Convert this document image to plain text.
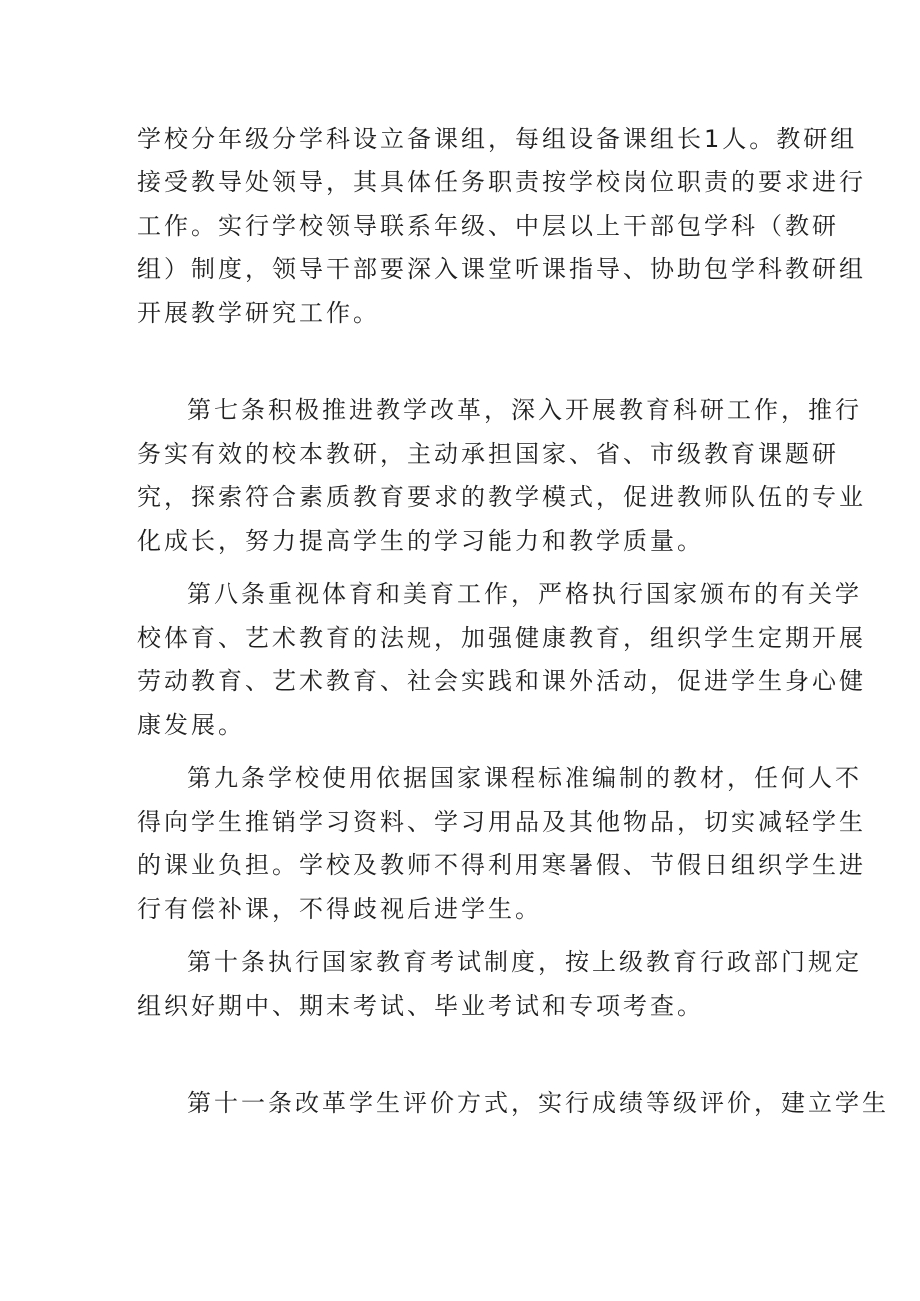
学校分年级分学科设立备课组，每组设备课组长1人。教研组

接受教导处领导，其具体任务职责按学校岗位职责的要求进行

工作。实行学校领导联系年级、中层以上干部包学科（教研

组）制度，领导干部要深入课堂听课指导、协助包学科教研组

开展教学研究工作。

第七条积极推进教学改革，深入开展教育科研工作，推行

务实有效的校本教研，主动承担国家、省、市级教育课题研

究，探索符合素质教育要求的教学模式，促进教师队伍的专业

化成长，努力提高学生的学习能力和教学质量。

第八条重视体育和美育工作，严格执行国家颁布的有关学

校体育、艺术教育的法规，加强健康教育，组织学生定期开展

劳动教育、艺术教育、社会实践和课外活动，促进学生身心健

康发展。

第九条学校使用依据国家课程标准编制的教材，任何人不

得向学生推销学习资料、学习用品及其他物品，切实减轻学生

的课业负担。学校及教师不得利用寒暑假、节假日组织学生进

行有偿补课，不得歧视后进学生。

第十条执行国家教育考试制度，按上级教育行政部门规定

组织好期中、期末考试、毕业考试和专项考查。

第十一条改革学生评价方式，实行成绩等级评价，建立学生
